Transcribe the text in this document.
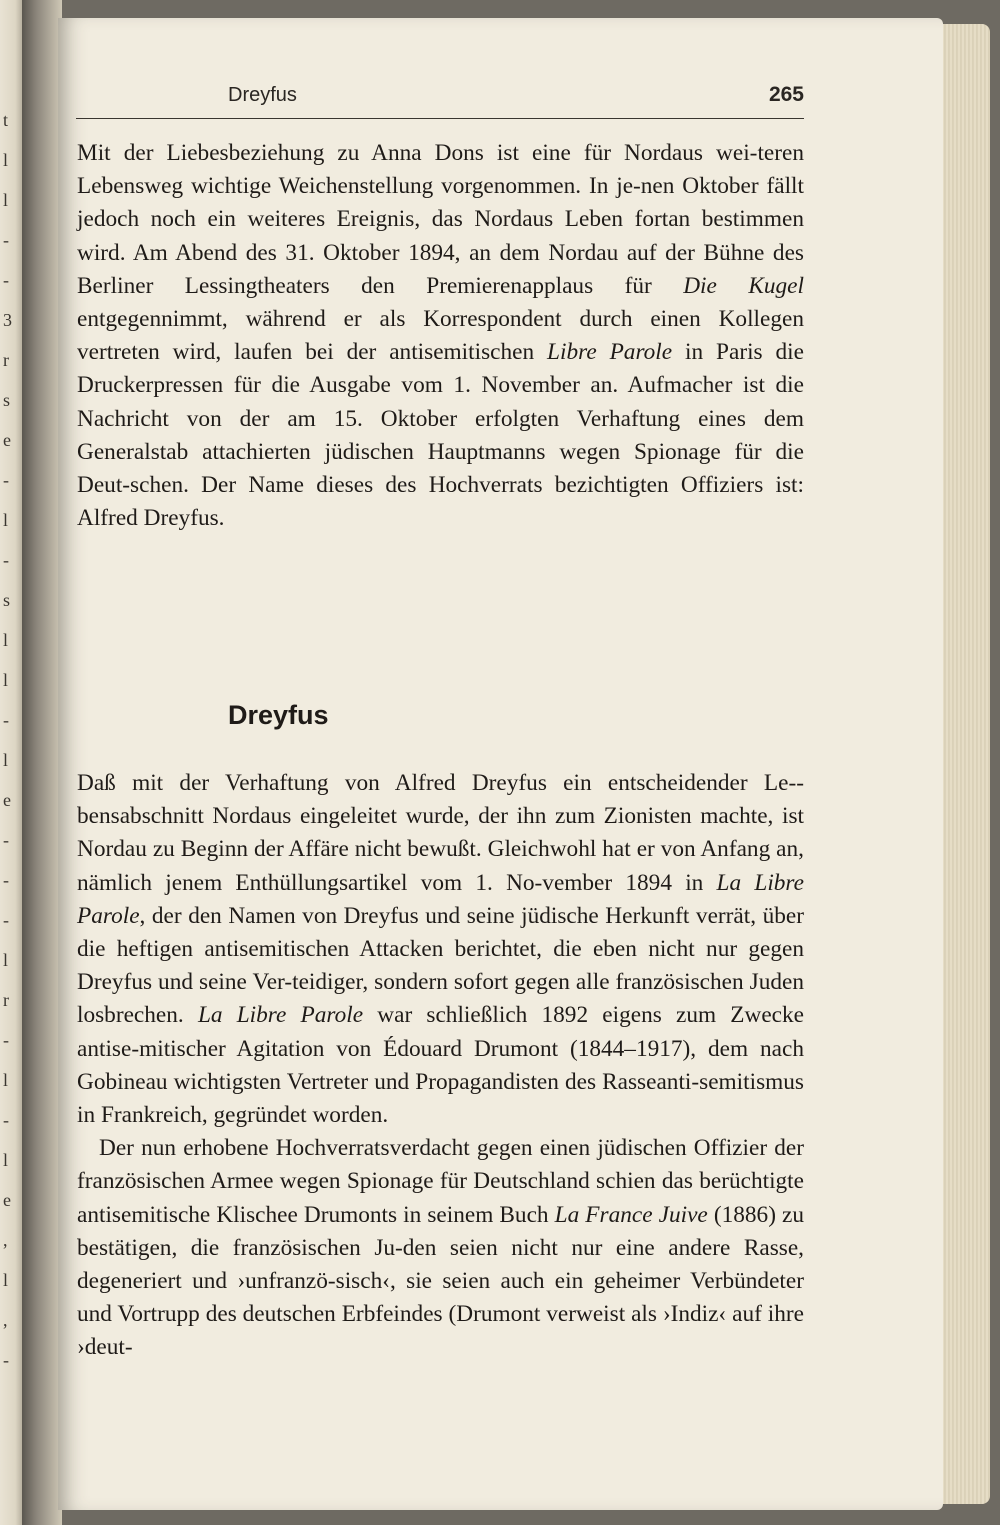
t
l
l
-
-
3
r
s
e
-
l
-
s
l
l
-
l
e
-
-
-
l
r
-
l
-
l
e
,
l
,
-
Dreyfus	265

Mit der Liebesbeziehung zu Anna Dons ist eine für Nordaus wei-teren Lebensweg wichtige Weichenstellung vorgenommen. In je-nen Oktober fällt jedoch noch ein weiteres Ereignis, das Nordaus Leben fortan bestimmen wird. Am Abend des 31. Oktober 1894, an dem Nordau auf der Bühne des Berliner Lessingtheaters den Premierenapplaus für Die Kugel entgegennimmt, während er als Korrespondent durch einen Kollegen vertreten wird, laufen bei der antisemitischen Libre Parole in Paris die Druckerpressen für die Ausgabe vom 1. November an. Aufmacher ist die Nachricht von der am 15. Oktober erfolgten Verhaftung eines dem Generalstab attachierten jüdischen Hauptmanns wegen Spionage für die Deut-schen. Der Name dieses des Hochverrats bezichtigten Offiziers ist: Alfred Dreyfus.

Dreyfus

Daß mit der Verhaftung von Alfred Dreyfus ein entscheidender Le-bensabschnitt Nordaus eingeleitet wurde, der ihn zum Zionisten machte, ist Nordau zu Beginn der Affäre nicht bewußt. Gleichwohl hat er von Anfang an, nämlich jenem Enthüllungsartikel vom 1. No-vember 1894 in La Libre Parole, der den Namen von Dreyfus und seine jüdische Herkunft verrät, über die heftigen antisemitischen Attacken berichtet, die eben nicht nur gegen Dreyfus und seine Ver-teidiger, sondern sofort gegen alle französischen Juden losbrechen. La Libre Parole war schließlich 1892 eigens zum Zwecke antise-mitischer Agitation von Édouard Drumont (1844–1917), dem nach Gobineau wichtigsten Vertreter und Propagandisten des Rasseanti-semitismus in Frankreich, gegründet worden.

Der nun erhobene Hochverratsverdacht gegen einen jüdischen Offizier der französischen Armee wegen Spionage für Deutschland schien das berüchtigte antisemitische Klischee Drumonts in seinem Buch La France Juive (1886) zu bestätigen, die französischen Ju-den seien nicht nur eine andere Rasse, degeneriert und ›unfranzö-sisch‹, sie seien auch ein geheimer Verbündeter und Vortrupp des deutschen Erbfeindes (Drumont verweist als ›Indiz‹ auf ihre ›deut-
